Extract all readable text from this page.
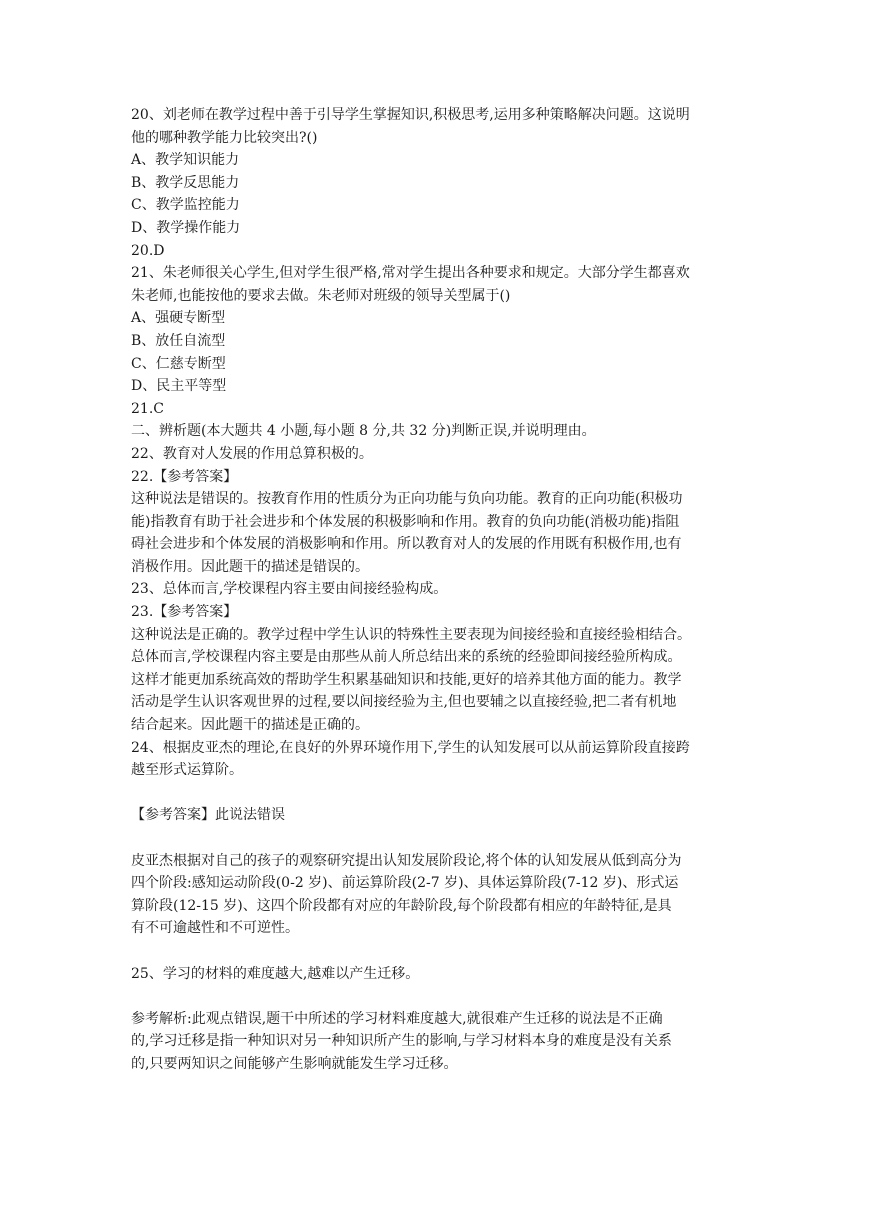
20、刘老师在教学过程中善于引导学生掌握知识,积极思考,运用多种策略解决问题。这说明
他的哪种教学能力比较突出?()
A、教学知识能力
B、教学反思能力
C、教学监控能力
D、教学操作能力
20.D
21、朱老师很关心学生,但对学生很严格,常对学生提出各种要求和规定。大部分学生都喜欢
朱老师,也能按他的要求去做。朱老师对班级的领导关型属于()
A、强硬专断型
B、放任自流型
C、仁慈专断型
D、民主平等型
21.C
二、辨析题(本大题共 4 小题,每小题 8 分,共 32 分)判断正误,并说明理由。
22、教育对人发展的作用总算积极的。
22.【参考答案】
这种说法是错误的。按教育作用的性质分为正向功能与负向功能。教育的正向功能(积极功
能)指教育有助于社会进步和个体发展的积极影响和作用。教育的负向功能(消极功能)指阻
碍社会进步和个体发展的消极影响和作用。所以教育对人的发展的作用既有积极作用,也有
消极作用。因此题干的描述是错误的。
23、总体而言,学校课程内容主要由间接经验构成。
23.【参考答案】
这种说法是正确的。教学过程中学生认识的特殊性主要表现为间接经验和直接经验相结合。
总体而言,学校课程内容主要是由那些从前人所总结出来的系统的经验即间接经验所构成。
这样才能更加系统高效的帮助学生积累基础知识和技能,更好的培养其他方面的能力。教学
活动是学生认识客观世界的过程,要以间接经验为主,但也要辅之以直接经验,把二者有机地
结合起来。因此题干的描述是正确的。
24、根据皮亚杰的理论,在良好的外界环境作用下,学生的认知发展可以从前运算阶段直接跨
越至形式运算阶。
【参考答案】此说法错误
皮亚杰根据对自己的孩子的观察研究提出认知发展阶段论,将个体的认知发展从低到高分为
四个阶段:感知运动阶段(0-2 岁)、前运算阶段(2-7 岁)、具体运算阶段(7-12 岁)、形式运
算阶段(12-15 岁)、这四个阶段都有对应的年龄阶段,每个阶段都有相应的年龄特征,是具
有不可逾越性和不可逆性。
25、学习的材料的难度越大,越难以产生迁移。
参考解析:此观点错误,题干中所述的学习材料难度越大,就很难产生迁移的说法是不正确
的,学习迁移是指一种知识对另一种知识所产生的影响,与学习材料本身的难度是没有关系
的,只要两知识之间能够产生影响就能发生学习迁移。
